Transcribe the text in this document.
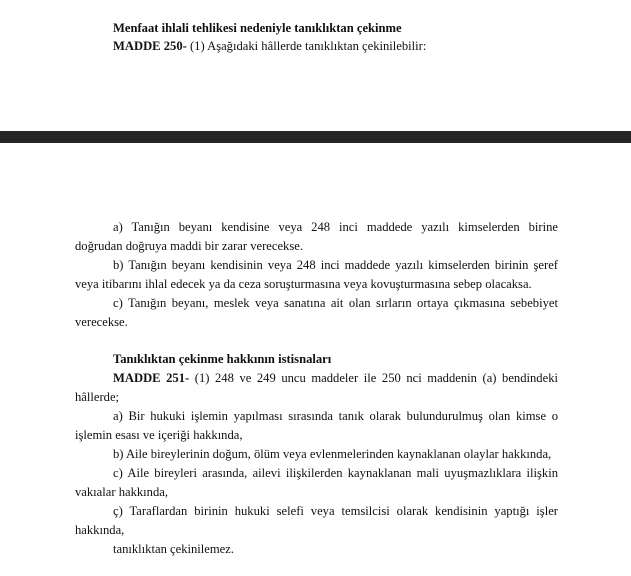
Menfaat ihlali tehlikesi nedeniyle tanıklıktan çekinme
MADDE 250- (1) Aşağıdaki hâllerde tanıklıktan çekinilebilir:
a) Tanığın beyanı kendisine veya 248 inci maddede yazılı kimselerden birine
doğrudan doğruya maddi bir zarar verecekse.
b) Tanığın beyanı kendisinin veya 248 inci maddede yazılı kimselerden birinin şeref
veya itibarını ihlal edecek ya da ceza soruşturmasına veya kovuşturmasına sebep olacaksa.
c) Tanığın beyanı, meslek veya sanatına ait olan sırların ortaya çıkmasına sebebiyet
verecekse.
Tanıklıktan çekinme hakkının istisnaları
MADDE 251- (1) 248 ve 249 uncu maddeler ile 250 nci maddenin (a) bendindeki
hâllerde;
a) Bir hukuki işlemin yapılması sırasında tanık olarak bulundurulmuş olan kimse o
işlemin esası ve içeriği hakkında,
b) Aile bireylerinin doğum, ölüm veya evlenmelerinden kaynaklanan olaylar hakkında,
c) Aile bireyleri arasında, ailevi ilişkilerden kaynaklanan mali uyuşmazlıklara ilişkin
vakıalar hakkında,
ç) Taraflardan birinin hukuki selefi veya temsilcisi olarak kendisinin yaptığı işler
hakkında,
tanıklıktan çekinilemez.
